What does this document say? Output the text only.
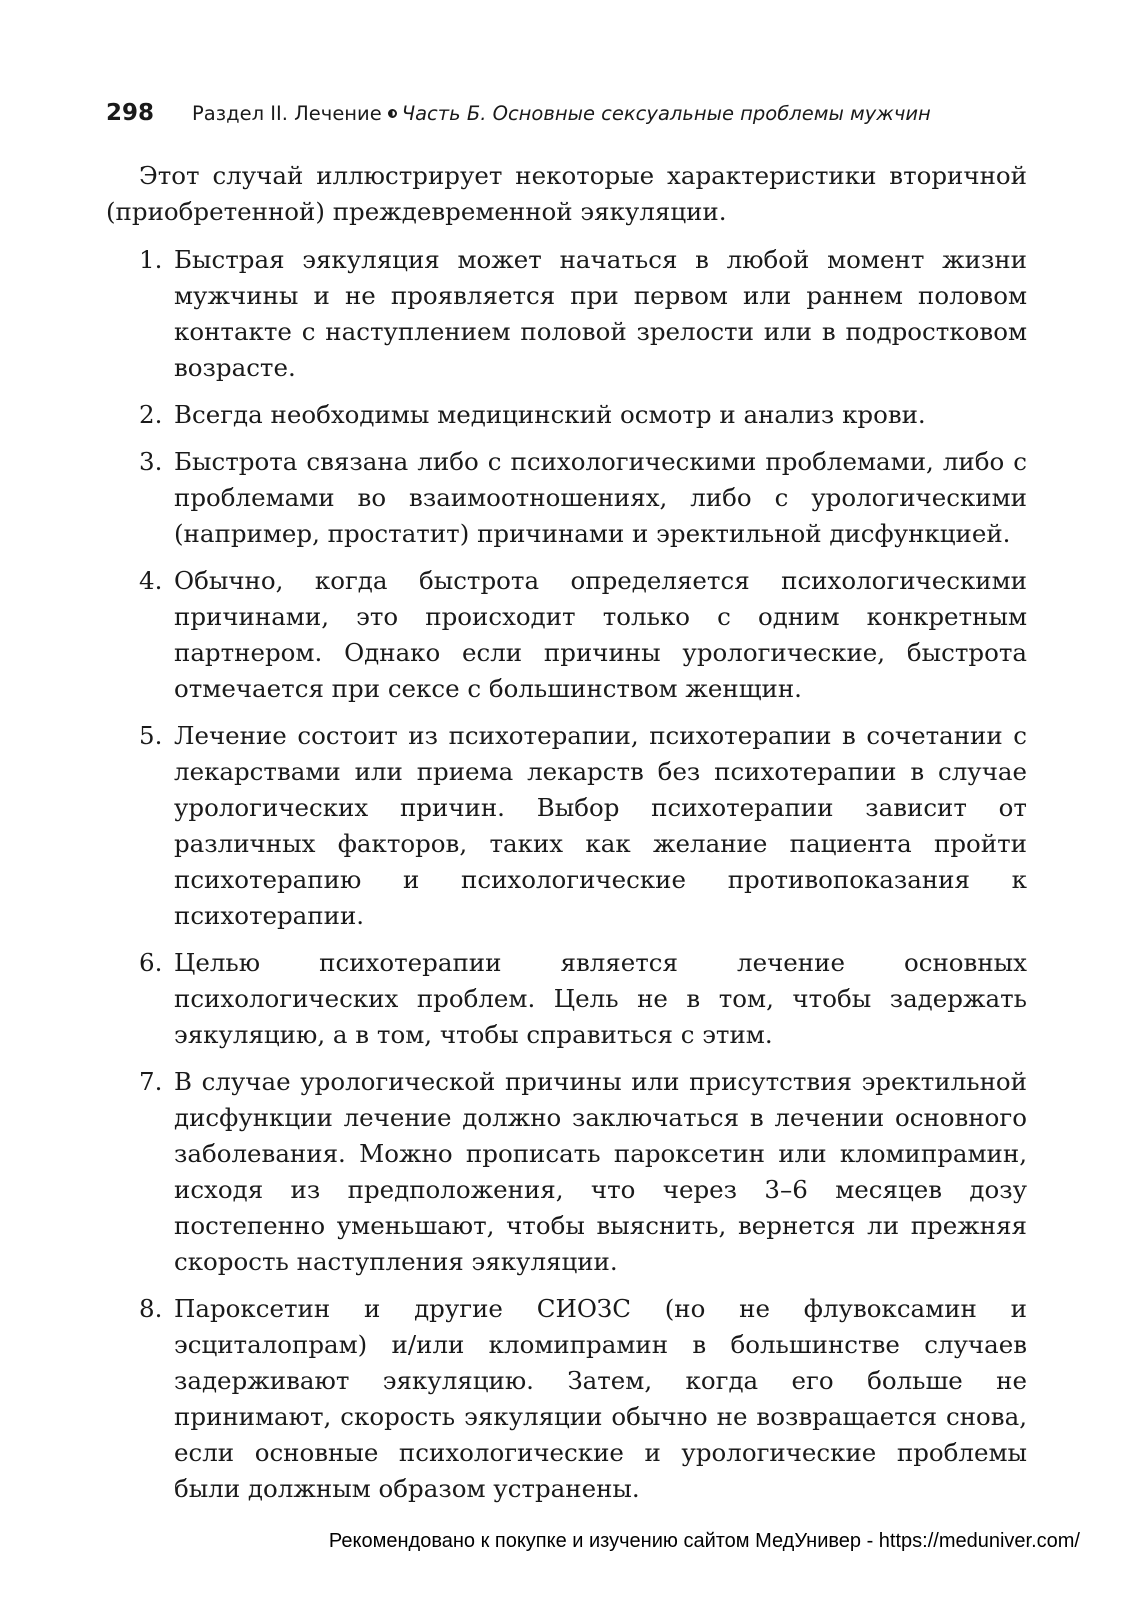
298 Раздел II. Лечение Часть Б. Основные сексуальные проблемы мужчин

Этот случай иллюстрирует некоторые характеристики вторичной (приобретенной) преждевременной эякуляции.

1. Быстрая эякуляция может начаться в любой момент жизни мужчины и не проявляется при первом или раннем половом контакте с наступлением половой зрелости или в подростковом возрасте.
2. Всегда необходимы медицинский осмотр и анализ крови.
3. Быстрота связана либо с психологическими проблемами, либо с проблемами во взаимоотношениях, либо с урологическими (например, простатит) причинами и эректильной дисфункцией.
4. Обычно, когда быстрота определяется психологическими причинами, это происходит только с одним конкретным партнером. Однако если причины урологические, быстрота отмечается при сексе с большинством женщин.
5. Лечение состоит из психотерапии, психотерапии в сочетании с лекарствами или приема лекарств без психотерапии в случае урологических причин. Выбор психотерапии зависит от различных факторов, таких как желание пациента пройти психотерапию и психологические противопоказания к психотерапии.
6. Целью психотерапии является лечение основных психологических проблем. Цель не в том, чтобы задержать эякуляцию, а в том, чтобы справиться с этим.
7. В случае урологической причины или присутствия эректильной дисфункции лечение должно заключаться в лечении основного заболевания. Можно прописать пароксетин или кломипрамин, исходя из предположения, что через 3–6 месяцев дозу постепенно уменьшают, чтобы выяснить, вернется ли прежняя скорость наступления эякуляции.
8. Пароксетин и другие СИОЗС (но не флувоксамин и эсциталопрам) и/или кломипрамин в большинстве случаев задерживают эякуляцию. Затем, когда его больше не принимают, скорость эякуляции обычно не возвращается снова, если основные психологические и урологические проблемы были должным образом устранены.
Рекомендовано к покупке и изучению сайтом МедУнивер - https://meduniver.com/
